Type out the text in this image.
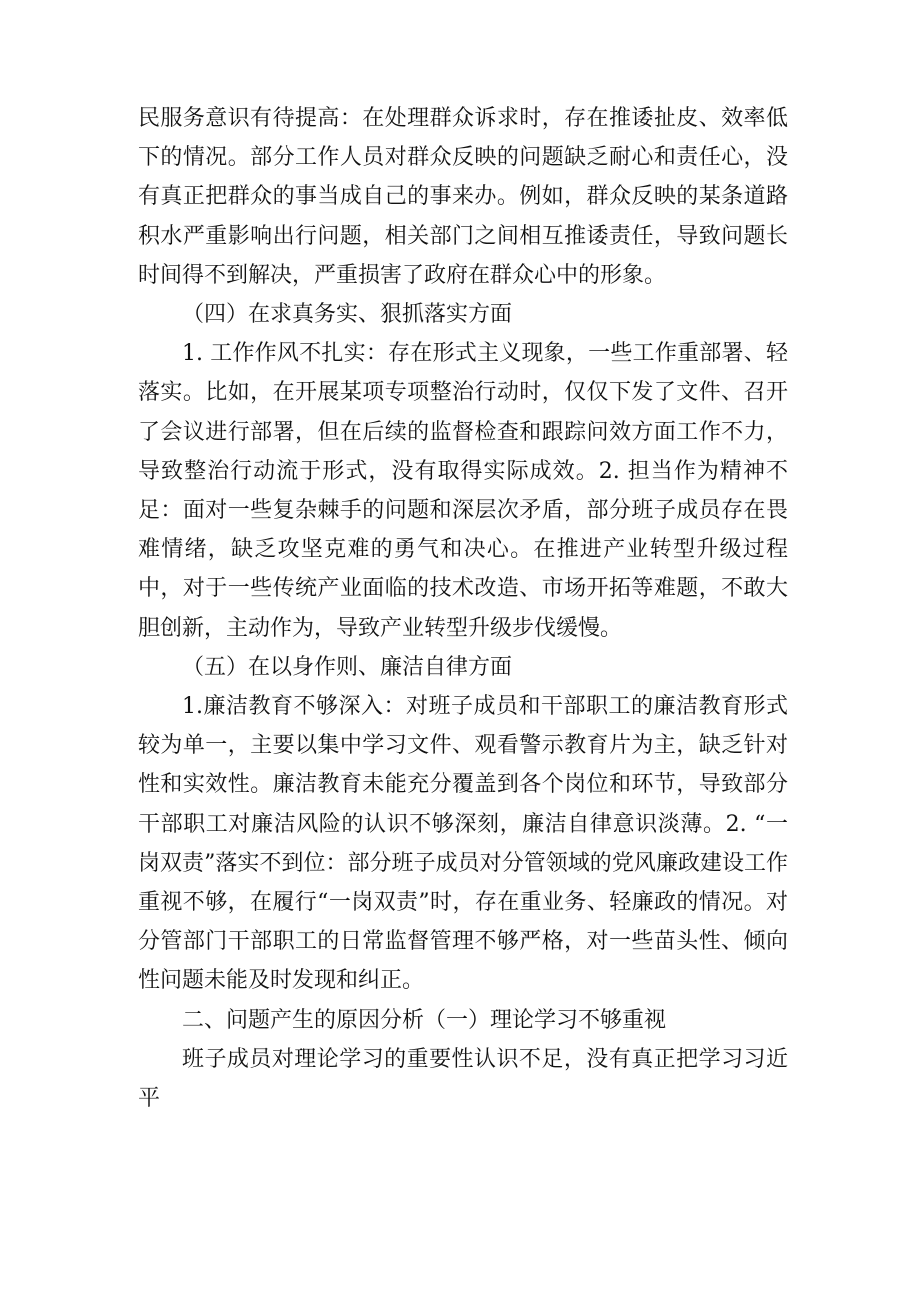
民服务意识有待提高：在处理群众诉求时，存在推诿扯皮、效率低下的情况。部分工作人员对群众反映的问题缺乏耐心和责任心，没有真正把群众的事当成自己的事来办。例如，群众反映的某条道路积水严重影响出行问题，相关部门之间相互推诿责任，导致问题长时间得不到解决，严重损害了政府在群众心中的形象。

（四）在求真务实、狠抓落实方面

1. 工作作风不扎实：存在形式主义现象，一些工作重部署、轻落实。比如，在开展某项专项整治行动时，仅仅下发了文件、召开了会议进行部署，但在后续的监督检查和跟踪问效方面工作不力，导致整治行动流于形式，没有取得实际成效。2. 担当作为精神不足：面对一些复杂棘手的问题和深层次矛盾，部分班子成员存在畏难情绪，缺乏攻坚克难的勇气和决心。在推进产业转型升级过程中，对于一些传统产业面临的技术改造、市场开拓等难题，不敢大胆创新，主动作为，导致产业转型升级步伐缓慢。

（五）在以身作则、廉洁自律方面

1.廉洁教育不够深入：对班子成员和干部职工的廉洁教育形式较为单一，主要以集中学习文件、观看警示教育片为主，缺乏针对性和实效性。廉洁教育未能充分覆盖到各个岗位和环节，导致部分干部职工对廉洁风险的认识不够深刻，廉洁自律意识淡薄。2. “一岗双责”落实不到位：部分班子成员对分管领域的党风廉政建设工作重视不够，在履行“一岗双责”时，存在重业务、轻廉政的情况。对分管部门干部职工的日常监督管理不够严格，对一些苗头性、倾向性问题未能及时发现和纠正。

二、问题产生的原因分析（一）理论学习不够重视

班子成员对理论学习的重要性认识不足，没有真正把学习习近平
